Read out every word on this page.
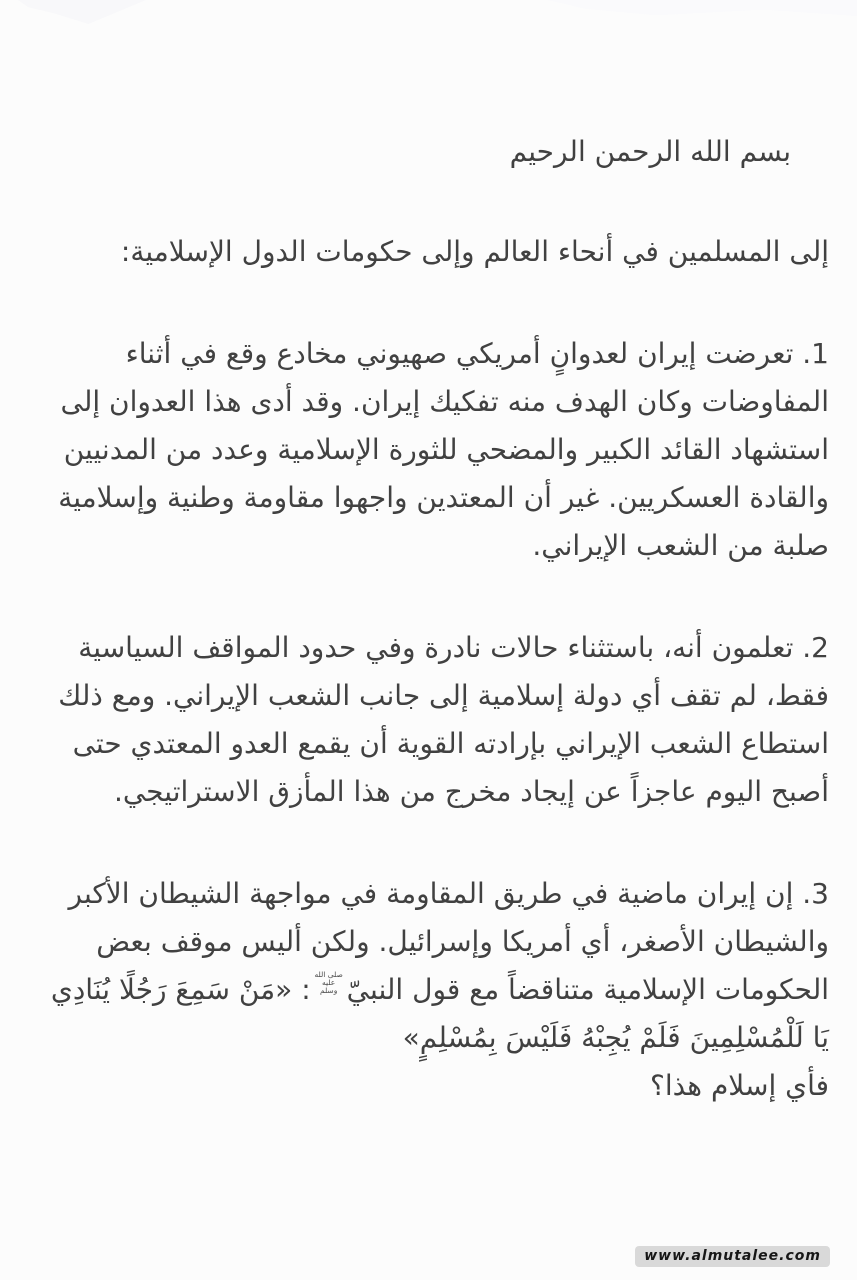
بسم الله الرحمن الرحيم
إلى المسلمين في أنحاء العالم وإلى حكومات الدول الإسلامية:

1. تعرضت إيران لعدوانٍ أمريكي صهيوني مخادع وقع في أثناء المفاوضات وكان الهدف منه تفكيك إيران. وقد أدى هذا العدوان إلى استشهاد القائد الكبير والمضحي للثورة الإسلامية وعدد من المدنيين والقادة العسكريين. غير أن المعتدين واجهوا مقاومة وطنية وإسلامية صلبة من الشعب الإيراني.

2. تعلمون أنه، باستثناء حالات نادرة وفي حدود المواقف السياسية فقط، لم تقف أي دولة إسلامية إلى جانب الشعب الإيراني. ومع ذلك استطاع الشعب الإيراني بإرادته القوية أن يقمع العدو المعتدي حتى أصبح اليوم عاجزاً عن إيجاد مخرج من هذا المأزق الاستراتيجي.

3. إن إيران ماضية في طريق المقاومة في مواجهة الشيطان الأكبر والشيطان الأصغر، أي أمريكا وإسرائيل. ولكن أليس موقف بعض الحكومات الإسلامية متناقضاً مع قول النبيّصلى الله عليه وسلم: «مَنْ سَمِعَ رَجُلًا يُنَادِي يَا لَلْمُسْلِمِينَ فَلَمْ يُجِبْهُ فَلَيْسَ بِمُسْلِمٍ»
فأي إسلام هذا؟

www.almutalee.com
